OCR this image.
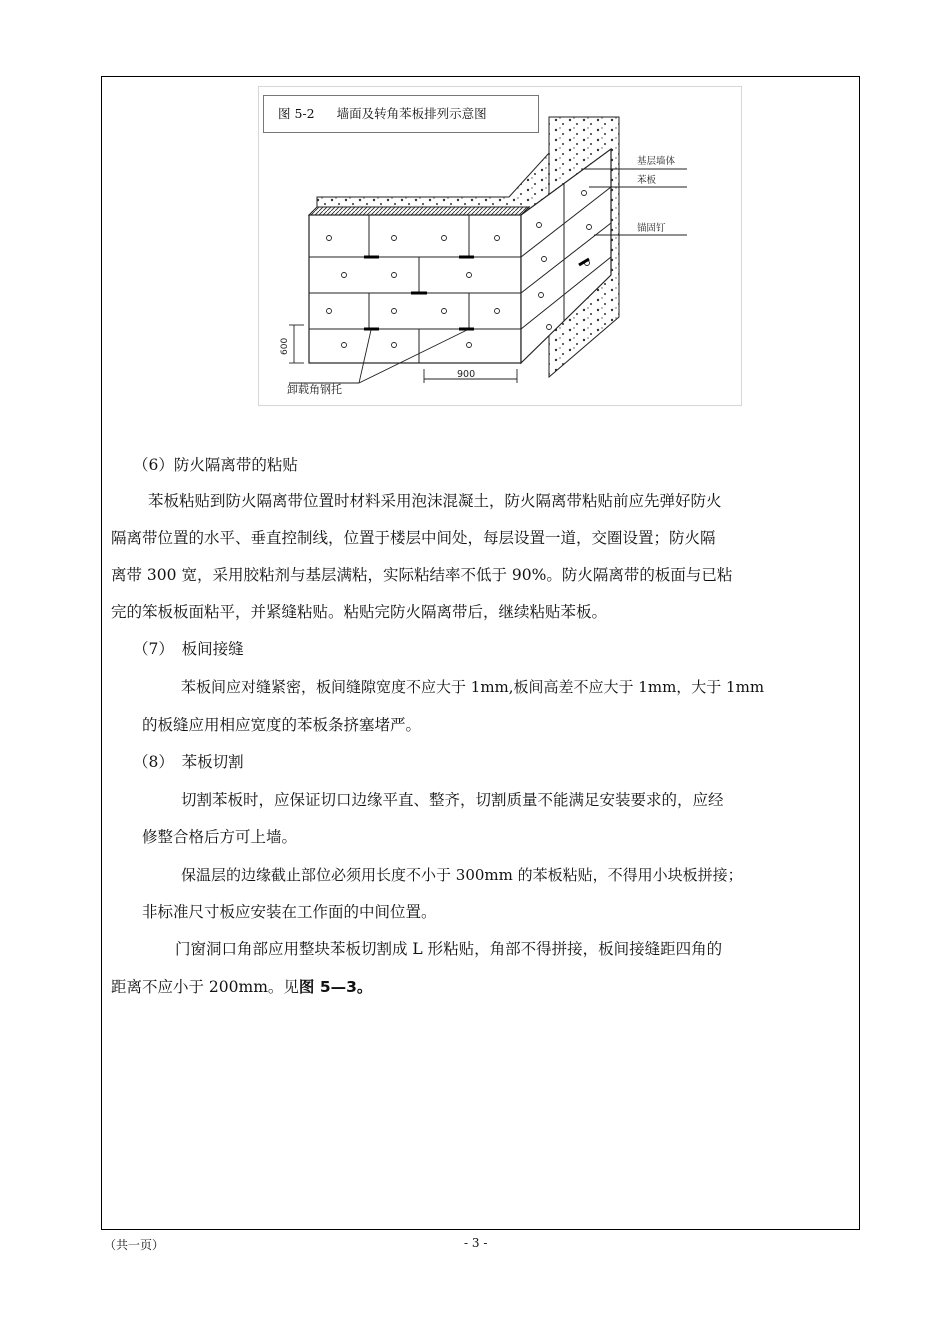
基层墙体
苯板
锚固钉
卸载角钢托
900
600
图 5-2 墙面及转角苯板排列示意图
（6）防火隔离带的粘贴
苯板粘贴到防火隔离带位置时材料采用泡沫混凝土，防火隔离带粘贴前应先弹好防火
隔离带位置的水平、垂直控制线，位置于楼层中间处，每层设置一道，交圈设置；防火隔
离带 300 宽，采用胶粘剂与基层满粘，实际粘结率不低于 90%。防火隔离带的板面与已粘
完的笨板板面粘平，并紧缝粘贴。粘贴完防火隔离带后，继续粘贴苯板。
（7）　板间接缝
苯板间应对缝紧密，板间缝隙宽度不应大于 1mm,板间高差不应大于 1mm，大于 1mm
的板缝应用相应宽度的苯板条挤塞堵严。
（8）　苯板切割
切割苯板时，应保证切口边缘平直、整齐，切割质量不能满足安装要求的，应经
修整合格后方可上墙。
保温层的边缘截止部位必须用长度不小于 300mm 的苯板粘贴，不得用小块板拼接；
非标准尺寸板应安装在工作面的中间位置。
门窗洞口角部应用整块苯板切割成 L 形粘贴，角部不得拼接，板间接缝距四角的
距离不应小于 200mm。见图 5—3。
（共一页）	- 3 -
